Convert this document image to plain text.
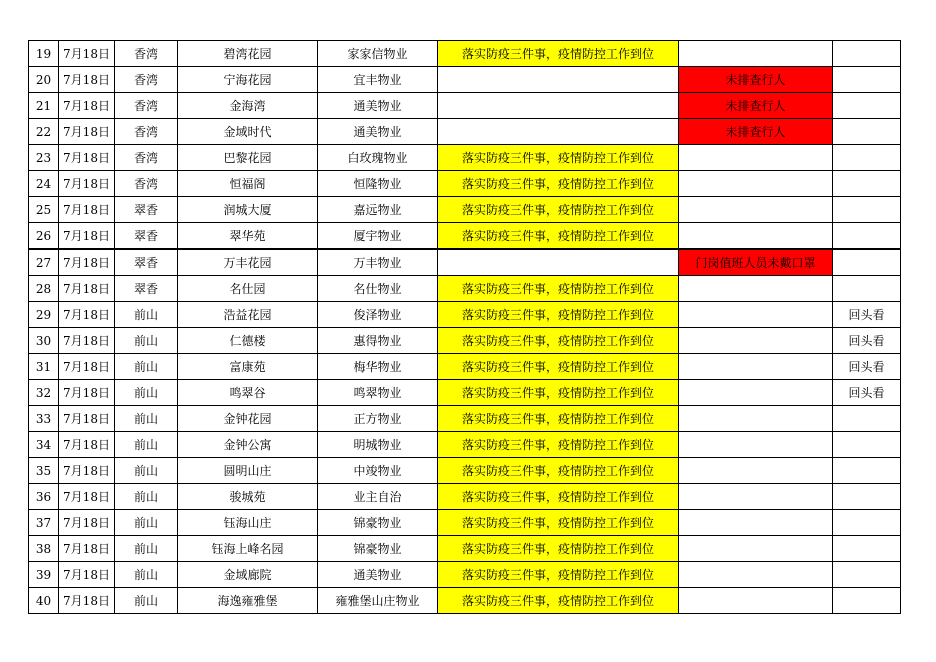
19	7月18日	香湾	碧湾花园	家家信物业	落实防疫三件事，疫情防控工作到位		
20	7月18日	香湾	宁海花园	宜丰物业		未排查行人	
21	7月18日	香湾	金海湾	通美物业		未排查行人	
22	7月18日	香湾	金域时代	通美物业		未排查行人	
23	7月18日	香湾	巴黎花园	白玫瑰物业	落实防疫三件事，疫情防控工作到位		
24	7月18日	香湾	恒福阁	恒隆物业	落实防疫三件事，疫情防控工作到位		
25	7月18日	翠香	润城大厦	嘉远物业	落实防疫三件事，疫情防控工作到位		
26	7月18日	翠香	翠华苑	厦宇物业	落实防疫三件事，疫情防控工作到位		
27	7月18日	翠香	万丰花园	万丰物业		门岗值班人员未戴口罩	
28	7月18日	翠香	名仕园	名仕物业	落实防疫三件事，疫情防控工作到位		
29	7月18日	前山	浩益花园	俊泽物业	落实防疫三件事，疫情防控工作到位		回头看
30	7月18日	前山	仁德楼	惠得物业	落实防疫三件事，疫情防控工作到位		回头看
31	7月18日	前山	富康苑	梅华物业	落实防疫三件事，疫情防控工作到位		回头看
32	7月18日	前山	鸣翠谷	鸣翠物业	落实防疫三件事，疫情防控工作到位		回头看
33	7月18日	前山	金钟花园	正方物业	落实防疫三件事，疫情防控工作到位		
34	7月18日	前山	金钟公寓	明城物业	落实防疫三件事，疫情防控工作到位		
35	7月18日	前山	圆明山庄	中竣物业	落实防疫三件事，疫情防控工作到位		
36	7月18日	前山	骏城苑	业主自治	落实防疫三件事，疫情防控工作到位		
37	7月18日	前山	钰海山庄	锦豪物业	落实防疫三件事，疫情防控工作到位		
38	7月18日	前山	钰海上峰名园	锦豪物业	落实防疫三件事，疫情防控工作到位		
39	7月18日	前山	金域廊院	通美物业	落实防疫三件事，疫情防控工作到位		
40	7月18日	前山	海逸雍雅堡	雍雅堡山庄物业	落实防疫三件事，疫情防控工作到位		
